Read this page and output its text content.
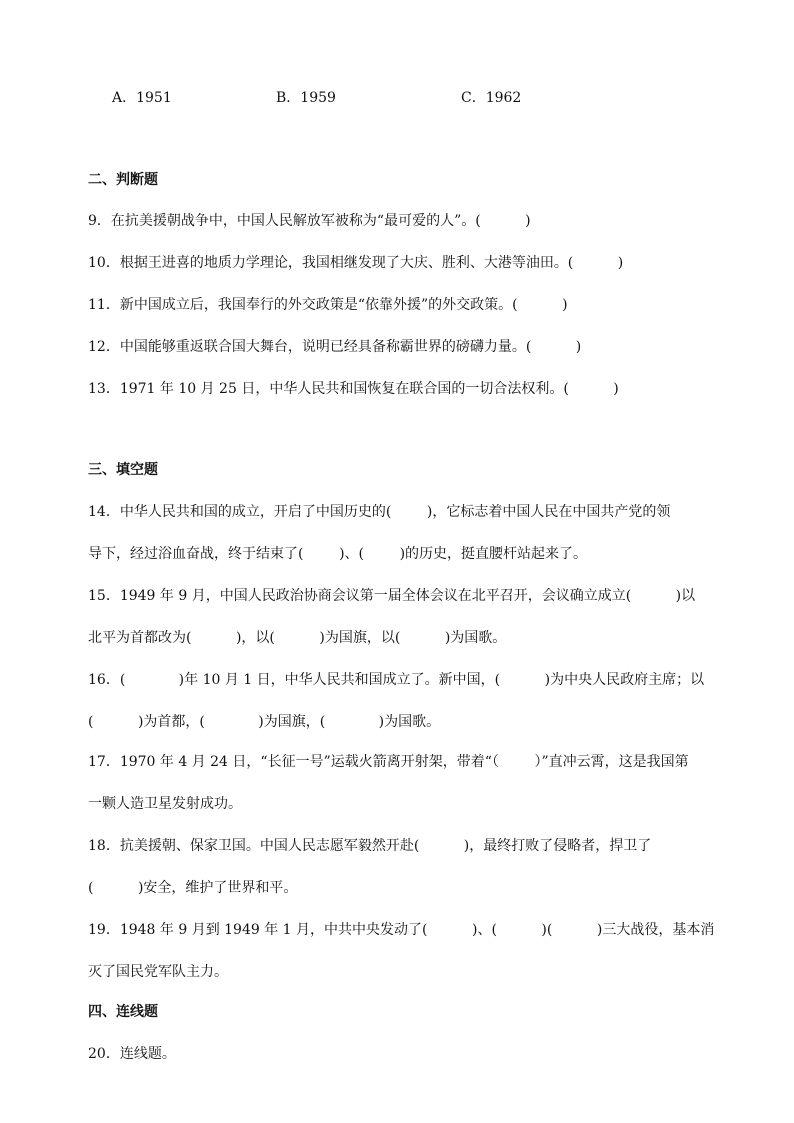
A．1951	B．1959	C．1962
二、判断题
9．在抗美援朝战争中，中国人民解放军被称为“最可爱的人”。(          )
10．根据王进喜的地质力学理论，我国相继发现了大庆、胜利、大港等油田。(          )
11．新中国成立后，我国奉行的外交政策是“依靠外援”的外交政策。(          )
12．中国能够重返联合国大舞台，说明已经具备称霸世界的磅礴力量。(          )
13．1971 年 10 月 25 日，中华人民共和国恢复在联合国的一切合法权利。(          )
三、填空题
14．中华人民共和国的成立，开启了中国历史的(        )，它标志着中国人民在中国共产党的领
导下，经过浴血奋战，终于结束了(        )、(        )的历史，挺直腰杆站起来了。
15．1949 年 9 月，中国人民政治协商会议第一届全体会议在北平召开，会议确立成立(          )以
北平为首都改为(          )，以(          )为国旗，以(          )为国歌。
16．(            )年 10 月 1 日，中华人民共和国成立了。新中国，(          )为中央人民政府主席；以
(          )为首都，(            )为国旗，(            )为国歌。
17．1970 年 4 月 24 日，“长征一号”运载火箭离开射架，带着“（        ）”直冲云霄，这是我国第
一颗人造卫星发射成功。
18．抗美援朝、保家卫国。中国人民志愿军毅然开赴(          )，最终打败了侵略者，捍卫了
(          )安全，维护了世界和平。
19．1948 年 9 月到 1949 年 1 月，中共中央发动了(          )、(          )(          )三大战役，基本消
灭了国民党军队主力。
四、连线题
20．连线题。
